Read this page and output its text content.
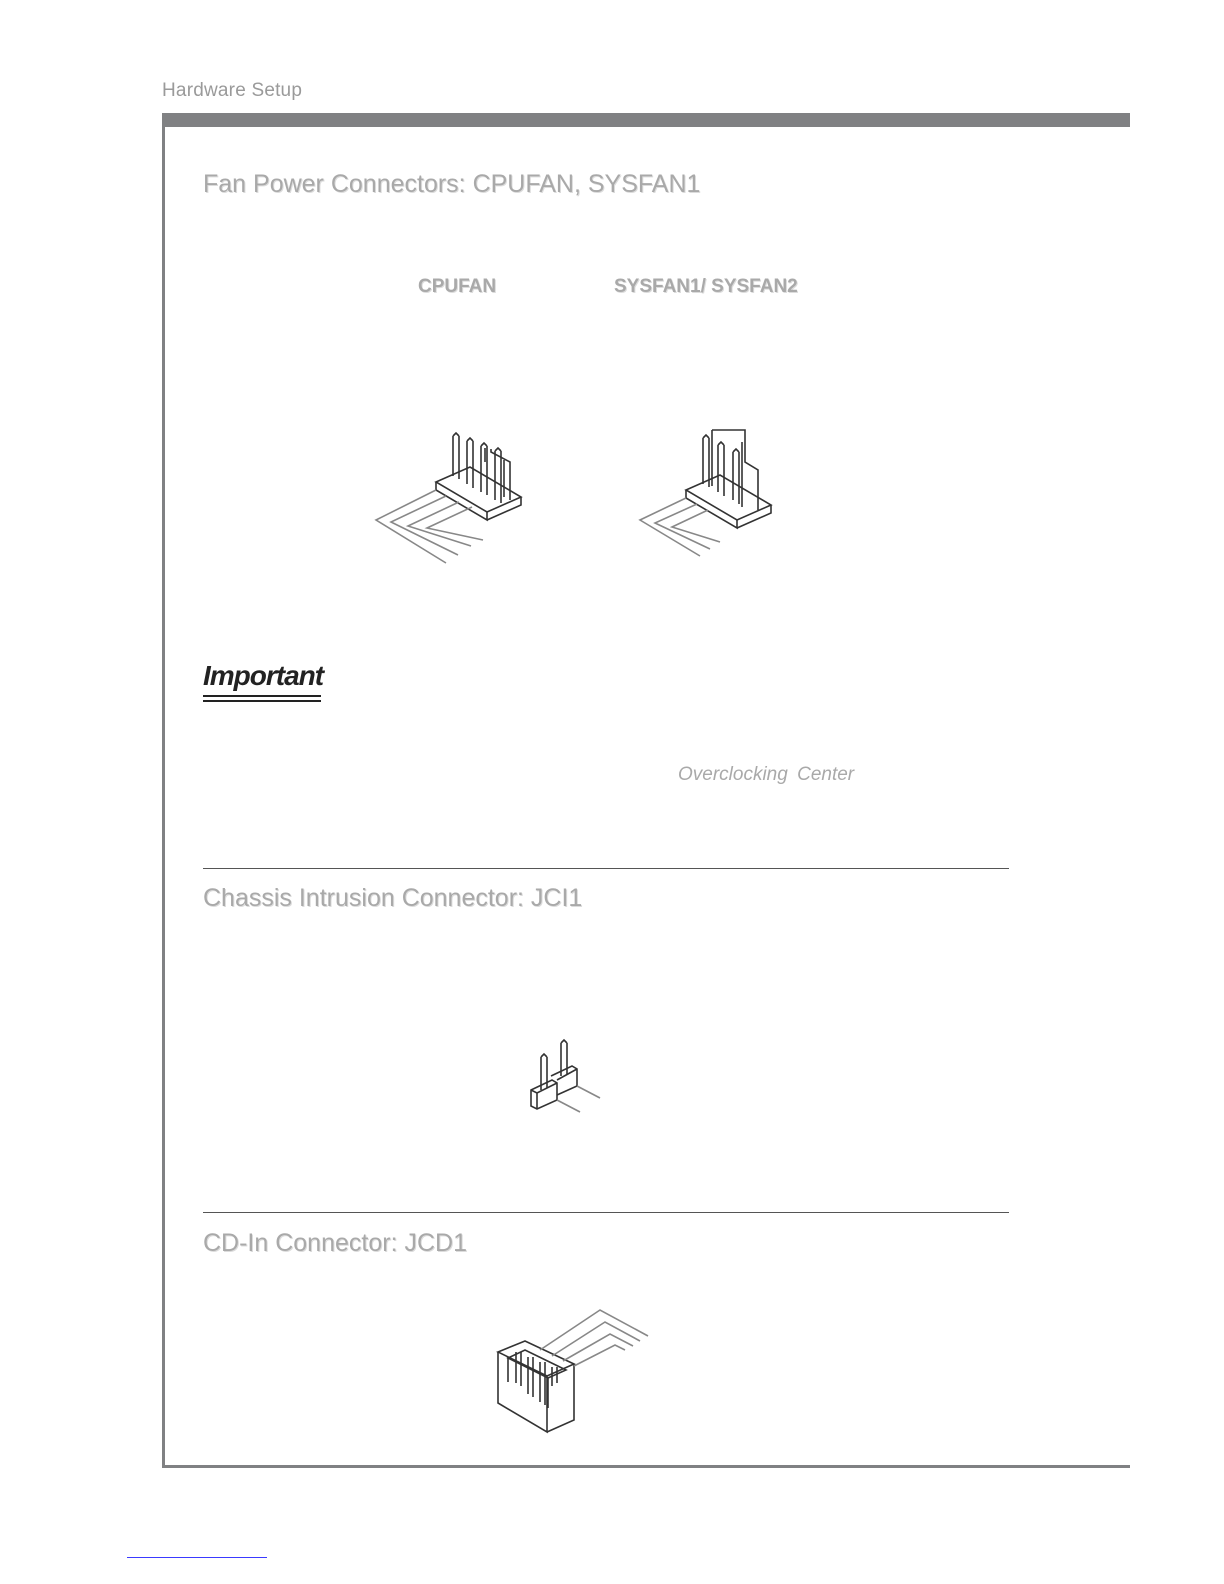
Hardware Setup
Fan Power Connectors: CPUFAN, SYSFAN1
CPUFAN	SYSFAN1/ SYSFAN2
Important
Overclocking Center
Chassis Intrusion Connector: JCI1
CD-In Connector: JCD1
